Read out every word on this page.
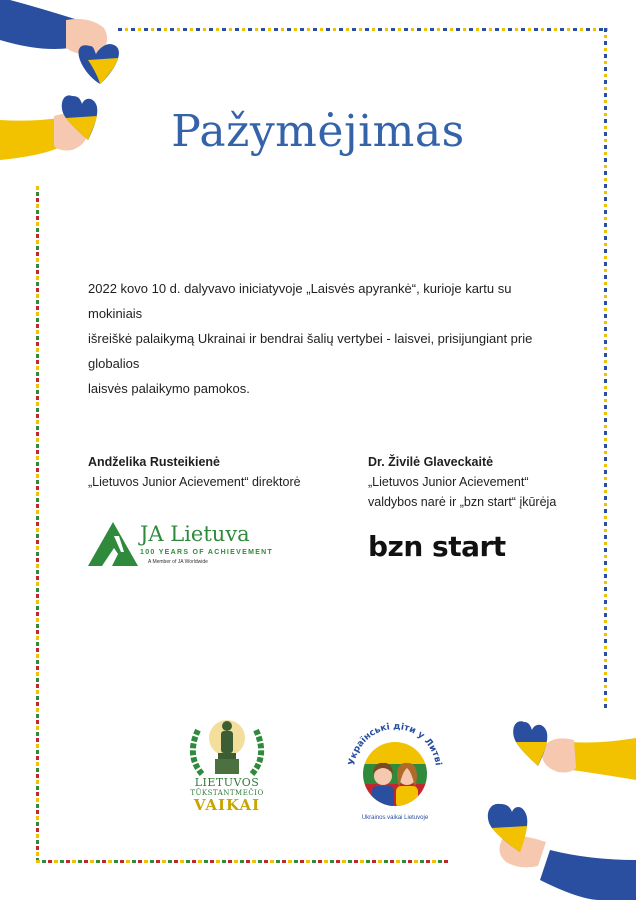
Pažymėjimas
2022 kovo 10 d. dalyvavo iniciatyvoje „Laisvės apyrankė“, kurioje kartu su mokiniais
išreiškė palaikymą Ukrainai ir bendrai šalių vertybei - laisvei, prisijungiant prie globalios
laisvės palaikymo pamokos.
Andželika Rusteikienė
„Lietuvos Junior Acievement“ direktorė
Dr. Živilė Glaveckaitė
„Lietuvos Junior Acievement“
valdybos narė ir „bzn start“ įkūrėja
JA Lietuva
100 YEARS OF ACHIEVEMENT
A Member of JA Worldwide	bzn start
LIETUVOS
TŪKSTANTMEČIO
VAIKAI
Українські діти у Литві
Ukrainos vaikai Lietuvoje
